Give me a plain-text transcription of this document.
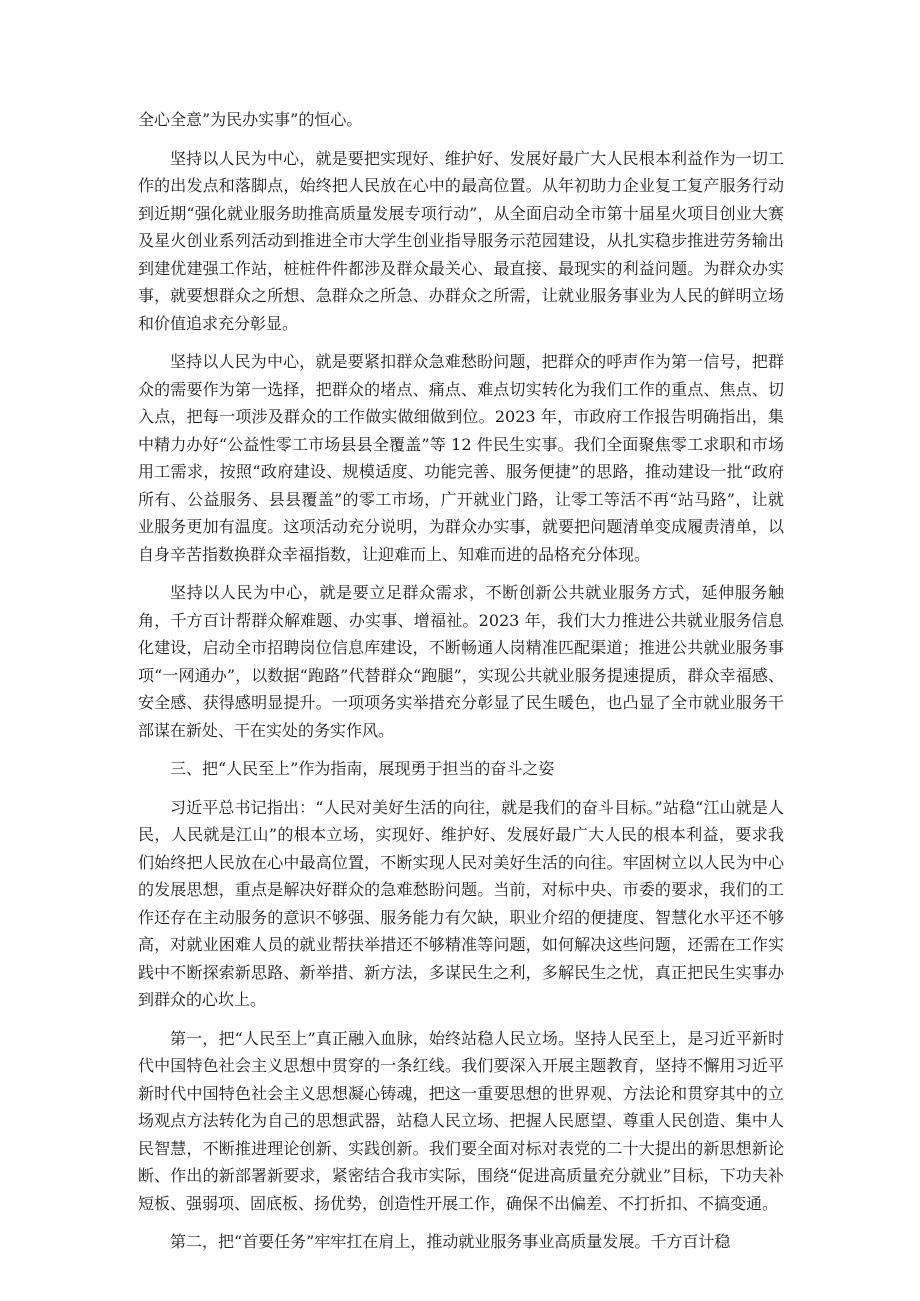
全心全意”为民办实事”的恒心。

坚持以人民为中心，就是要把实现好、维护好、发展好最广大人民根本利益作为一切工作的出发点和落脚点，始终把人民放在心中的最高位置。从年初助力企业复工复产服务行动到近期“强化就业服务助推高质量发展专项行动”，从全面启动全市第十届星火项目创业大赛及星火创业系列活动到推进全市大学生创业指导服务示范园建设，从扎实稳步推进劳务输出到建优建强工作站，桩桩件件都涉及群众最关心、最直接、最现实的利益问题。为群众办实事，就要想群众之所想、急群众之所急、办群众之所需，让就业服务事业为人民的鲜明立场和价值追求充分彰显。

坚持以人民为中心，就是要紧扣群众急难愁盼问题，把群众的呼声作为第一信号，把群众的需要作为第一选择，把群众的堵点、痛点、难点切实转化为我们工作的重点、焦点、切入点，把每一项涉及群众的工作做实做细做到位。2023 年，市政府工作报告明确指出，集中精力办好“公益性零工市场县县全覆盖”等 12 件民生实事。我们全面聚焦零工求职和市场用工需求，按照“政府建设、规模适度、功能完善、服务便捷”的思路，推动建设一批“政府所有、公益服务、县县覆盖”的零工市场，广开就业门路，让零工等活不再“站马路”，让就业服务更加有温度。这项活动充分说明，为群众办实事，就要把问题清单变成履责清单，以自身辛苦指数换群众幸福指数，让迎难而上、知难而进的品格充分体现。

坚持以人民为中心，就是要立足群众需求，不断创新公共就业服务方式，延伸服务触角，千方百计帮群众解难题、办实事、增福祉。2023 年，我们大力推进公共就业服务信息化建设，启动全市招聘岗位信息库建设，不断畅通人岗精准匹配渠道；推进公共就业服务事项“一网通办”，以数据“跑路”代替群众“跑腿”，实现公共就业服务提速提质，群众幸福感、安全感、获得感明显提升。一项项务实举措充分彰显了民生暖色，也凸显了全市就业服务干部谋在新处、干在实处的务实作风。

三、把“人民至上”作为指南，展现勇于担当的奋斗之姿

习近平总书记指出：“人民对美好生活的向往，就是我们的奋斗目标。”站稳“江山就是人民，人民就是江山”的根本立场，实现好、维护好、发展好最广大人民的根本利益，要求我们始终把人民放在心中最高位置，不断实现人民对美好生活的向往。牢固树立以人民为中心的发展思想，重点是解决好群众的急难愁盼问题。当前，对标中央、市委的要求，我们的工作还存在主动服务的意识不够强、服务能力有欠缺，职业介绍的便捷度、智慧化水平还不够高，对就业困难人员的就业帮扶举措还不够精准等问题，如何解决这些问题，还需在工作实践中不断探索新思路、新举措、新方法，多谋民生之利，多解民生之忧，真正把民生实事办到群众的心坎上。

第一，把“人民至上”真正融入血脉，始终站稳人民立场。坚持人民至上，是习近平新时代中国特色社会主义思想中贯穿的一条红线。我们要深入开展主题教育，坚持不懈用习近平新时代中国特色社会主义思想凝心铸魂，把这一重要思想的世界观、方法论和贯穿其中的立场观点方法转化为自己的思想武器，站稳人民立场、把握人民愿望、尊重人民创造、集中人民智慧，不断推进理论创新、实践创新。我们要全面对标对表党的二十大提出的新思想新论断、作出的新部署新要求，紧密结合我市实际，围绕“促进高质量充分就业”目标，下功夫补短板、强弱项、固底板、扬优势，创造性开展工作，确保不出偏差、不打折扣、不搞变通。

第二，把“首要任务”牢牢扛在肩上，推动就业服务事业高质量发展。千方百计稳
